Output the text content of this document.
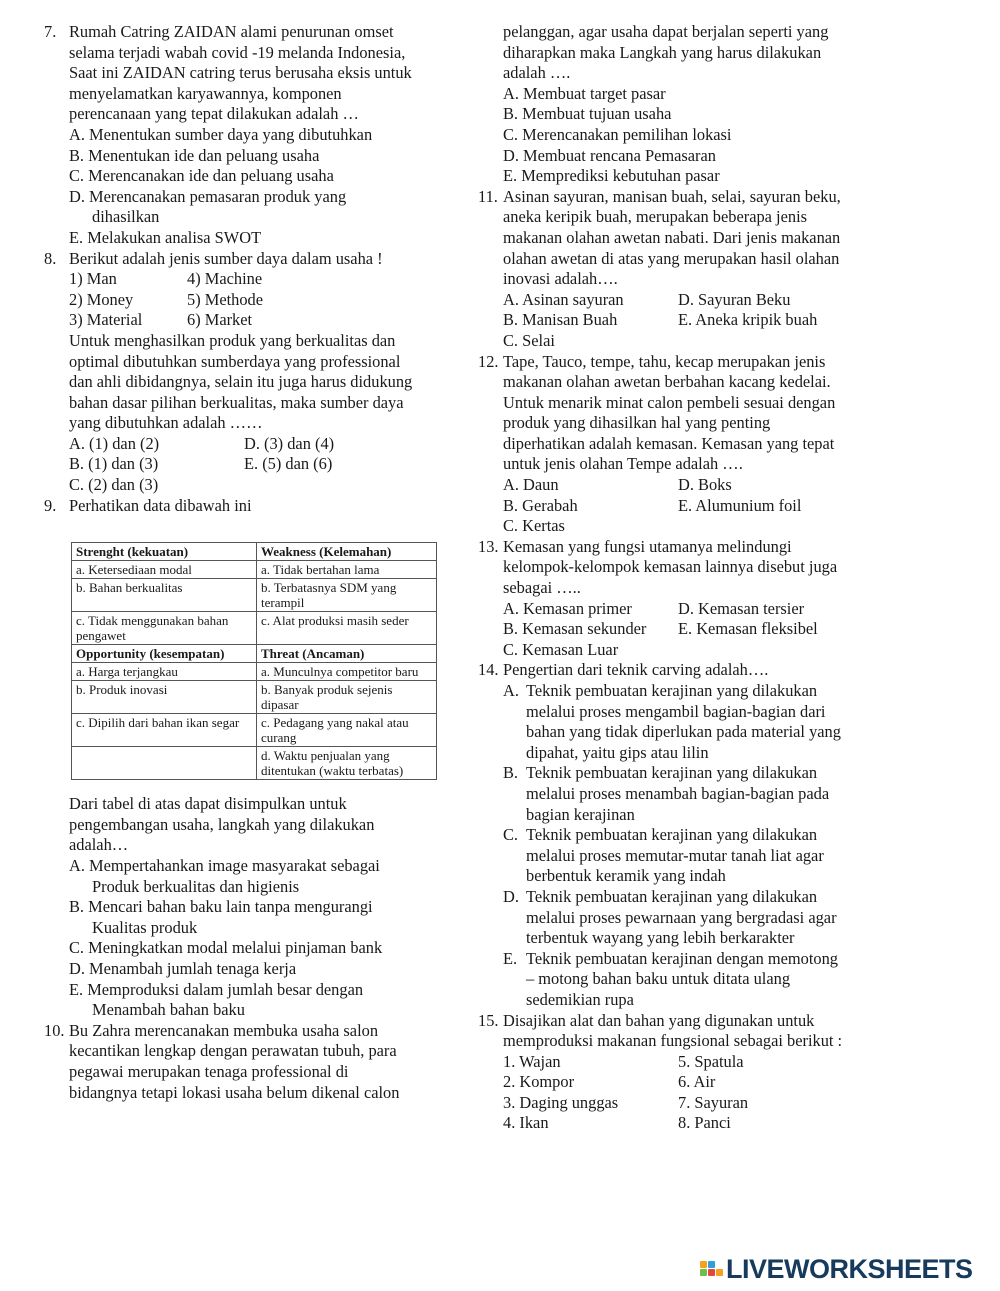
7. Rumah Catring ZAIDAN alami penurunan omset
selama terjadi wabah covid -19 melanda Indonesia,
Saat ini ZAIDAN catring terus berusaha eksis untuk
menyelamatkan karyawannya, komponen
perencanaan yang tepat dilakukan adalah …
A. Menentukan sumber daya yang dibutuhkan
B. Menentukan ide dan peluang usaha
C. Merencanakan ide dan peluang usaha
D. Merencanakan pemasaran produk yang
dihasilkan
E. Melakukan analisa SWOT
8. Berikut adalah jenis sumber daya dalam usaha !
1) Man	4) Machine
2) Money	5) Methode
3) Material	6) Market
Untuk menghasilkan produk yang berkualitas dan
optimal dibutuhkan sumberdaya yang professional
dan ahli dibidangnya, selain itu juga harus didukung
bahan dasar pilihan berkualitas, maka sumber daya
yang dibutuhkan adalah ……
A. (1) dan (2)	D. (3) dan (4)
B. (1) dan (3)	E. (5) dan (6)
C. (2) dan (3)
9. Perhatikan data dibawah ini
Strenght (kekuatan)	Weakness (Kelemahan)
a. Ketersediaan modal	a. Tidak bertahan lama
b. Bahan berkualitas	b. Terbatasnya SDM yang terampil
c. Tidak menggunakan bahan pengawet	c. Alat produksi masih seder
Opportunity (kesempatan)	Threat (Ancaman)
a. Harga terjangkau	a. Munculnya competitor baru
b. Produk inovasi	b. Banyak produk sejenis dipasar
c. Dipilih dari bahan ikan segar	c. Pedagang yang nakal atau curang
	d. Waktu penjualan yang ditentukan (waktu terbatas)
Dari tabel di atas dapat disimpulkan untuk
pengembangan usaha, langkah yang dilakukan
adalah…
A. Mempertahankan image masyarakat sebagai
Produk berkualitas dan higienis
B. Mencari bahan baku lain tanpa mengurangi
Kualitas produk
C. Meningkatkan modal melalui pinjaman bank
D. Menambah jumlah tenaga kerja
E. Memproduksi dalam jumlah besar dengan
Menambah bahan baku
10. Bu Zahra merencanakan membuka usaha salon
kecantikan lengkap dengan perawatan tubuh, para
pegawai merupakan tenaga professional di
bidangnya tetapi lokasi usaha belum dikenal calon
pelanggan, agar usaha dapat berjalan seperti yang
diharapkan maka Langkah yang harus dilakukan
adalah ….
A. Membuat target pasar
B. Membuat tujuan usaha
C. Merencanakan pemilihan lokasi
D. Membuat rencana Pemasaran
E. Memprediksi kebutuhan pasar
11. Asinan sayuran, manisan buah, selai, sayuran beku,
aneka keripik buah, merupakan beberapa jenis
makanan olahan awetan nabati. Dari jenis makanan
olahan awetan di atas yang merupakan hasil olahan
inovasi adalah….
A. Asinan sayuran	D. Sayuran Beku
B. Manisan Buah	E. Aneka kripik buah
C. Selai
12. Tape, Tauco, tempe, tahu, kecap merupakan jenis
makanan olahan awetan berbahan kacang kedelai.
Untuk menarik minat calon pembeli sesuai dengan
produk yang dihasilkan hal yang penting
diperhatikan adalah kemasan. Kemasan yang tepat
untuk jenis olahan Tempe adalah ….
A. Daun	D. Boks
B. Gerabah	E. Alumunium foil
C. Kertas
13. Kemasan yang fungsi utamanya melindungi
kelompok-kelompok kemasan lainnya disebut juga
sebagai …..
A. Kemasan primer	D. Kemasan tersier
B. Kemasan sekunder E. Kemasan fleksibel
C. Kemasan Luar
14. Pengertian dari teknik carving adalah….
A. Teknik pembuatan kerajinan yang dilakukan
melalui proses mengambil bagian-bagian dari
bahan yang tidak diperlukan pada material yang
dipahat, yaitu gips atau lilin
B. Teknik pembuatan kerajinan yang dilakukan
melalui proses menambah bagian-bagian pada
bagian kerajinan
C. Teknik pembuatan kerajinan yang dilakukan
melalui proses memutar-mutar tanah liat agar
berbentuk keramik yang indah
D. Teknik pembuatan kerajinan yang dilakukan
melalui proses pewarnaan yang bergradasi agar
terbentuk wayang yang lebih berkarakter
E. Teknik pembuatan kerajinan dengan memotong
– motong bahan baku untuk ditata ulang
sedemikian rupa
15. Disajikan alat dan bahan yang digunakan untuk
memproduksi makanan fungsional sebagai berikut :
1. Wajan	5. Spatula
2. Kompor	6. Air
3. Daging unggas	7. Sayuran
4. Ikan	8. Panci
LIVEWORKSHEETS
